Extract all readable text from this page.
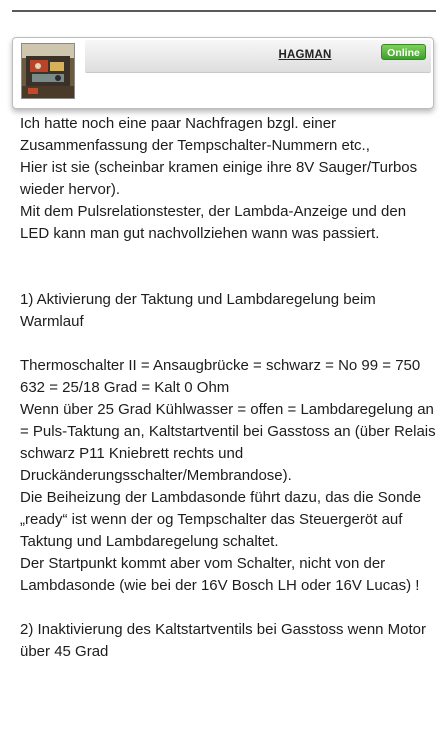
HAGMAN	Online

Ich hatte noch eine paar Nachfragen bzgl. einer Zusammenfassung der Tempschalter-Nummern etc.,
Hier ist sie (scheinbar kramen einige ihre 8V Sauger/Turbos wieder hervor).
Mit dem Pulsrelationstester, der Lambda-Anzeige und den LED kann man gut nachvollziehen wann was passiert.

1) Aktivierung der Taktung und Lambdaregelung beim Warmlauf

Thermoschalter II = Ansaugbrücke = schwarz = No 99 = 750 632 = 25/18 Grad = Kalt 0 Ohm
Wenn über 25 Grad Kühlwasser = offen = Lambdaregelung an = Puls-Taktung an, Kaltstartventil bei Gasstoss an (über Relais schwarz P11 Kniebrett rechts und Druckänderungsschalter/Membrandose).
Die Beiheizung der Lambdasonde führt dazu, das die Sonde „ready“ ist wenn der og Tempschalter das Steuergeröt auf Taktung und Lambdaregelung schaltet.
Der Startpunkt kommt aber vom Schalter, nicht von der Lambdasonde (wie bei der 16V Bosch LH oder 16V Lucas) !

2) Inaktivierung des Kaltstartventils bei Gasstoss wenn Motor über 45 Grad
